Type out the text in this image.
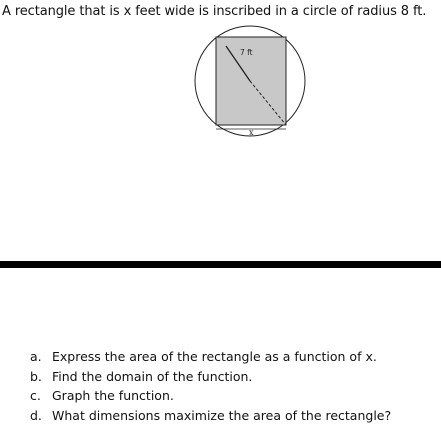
A rectangle that is x feet wide is inscribed in a circle of radius 8 ft.
7 ft
x
a. Express the area of the rectangle as a function of x.
b. Find the domain of the function.
c. Graph the function.
d. What dimensions maximize the area of the rectangle?
